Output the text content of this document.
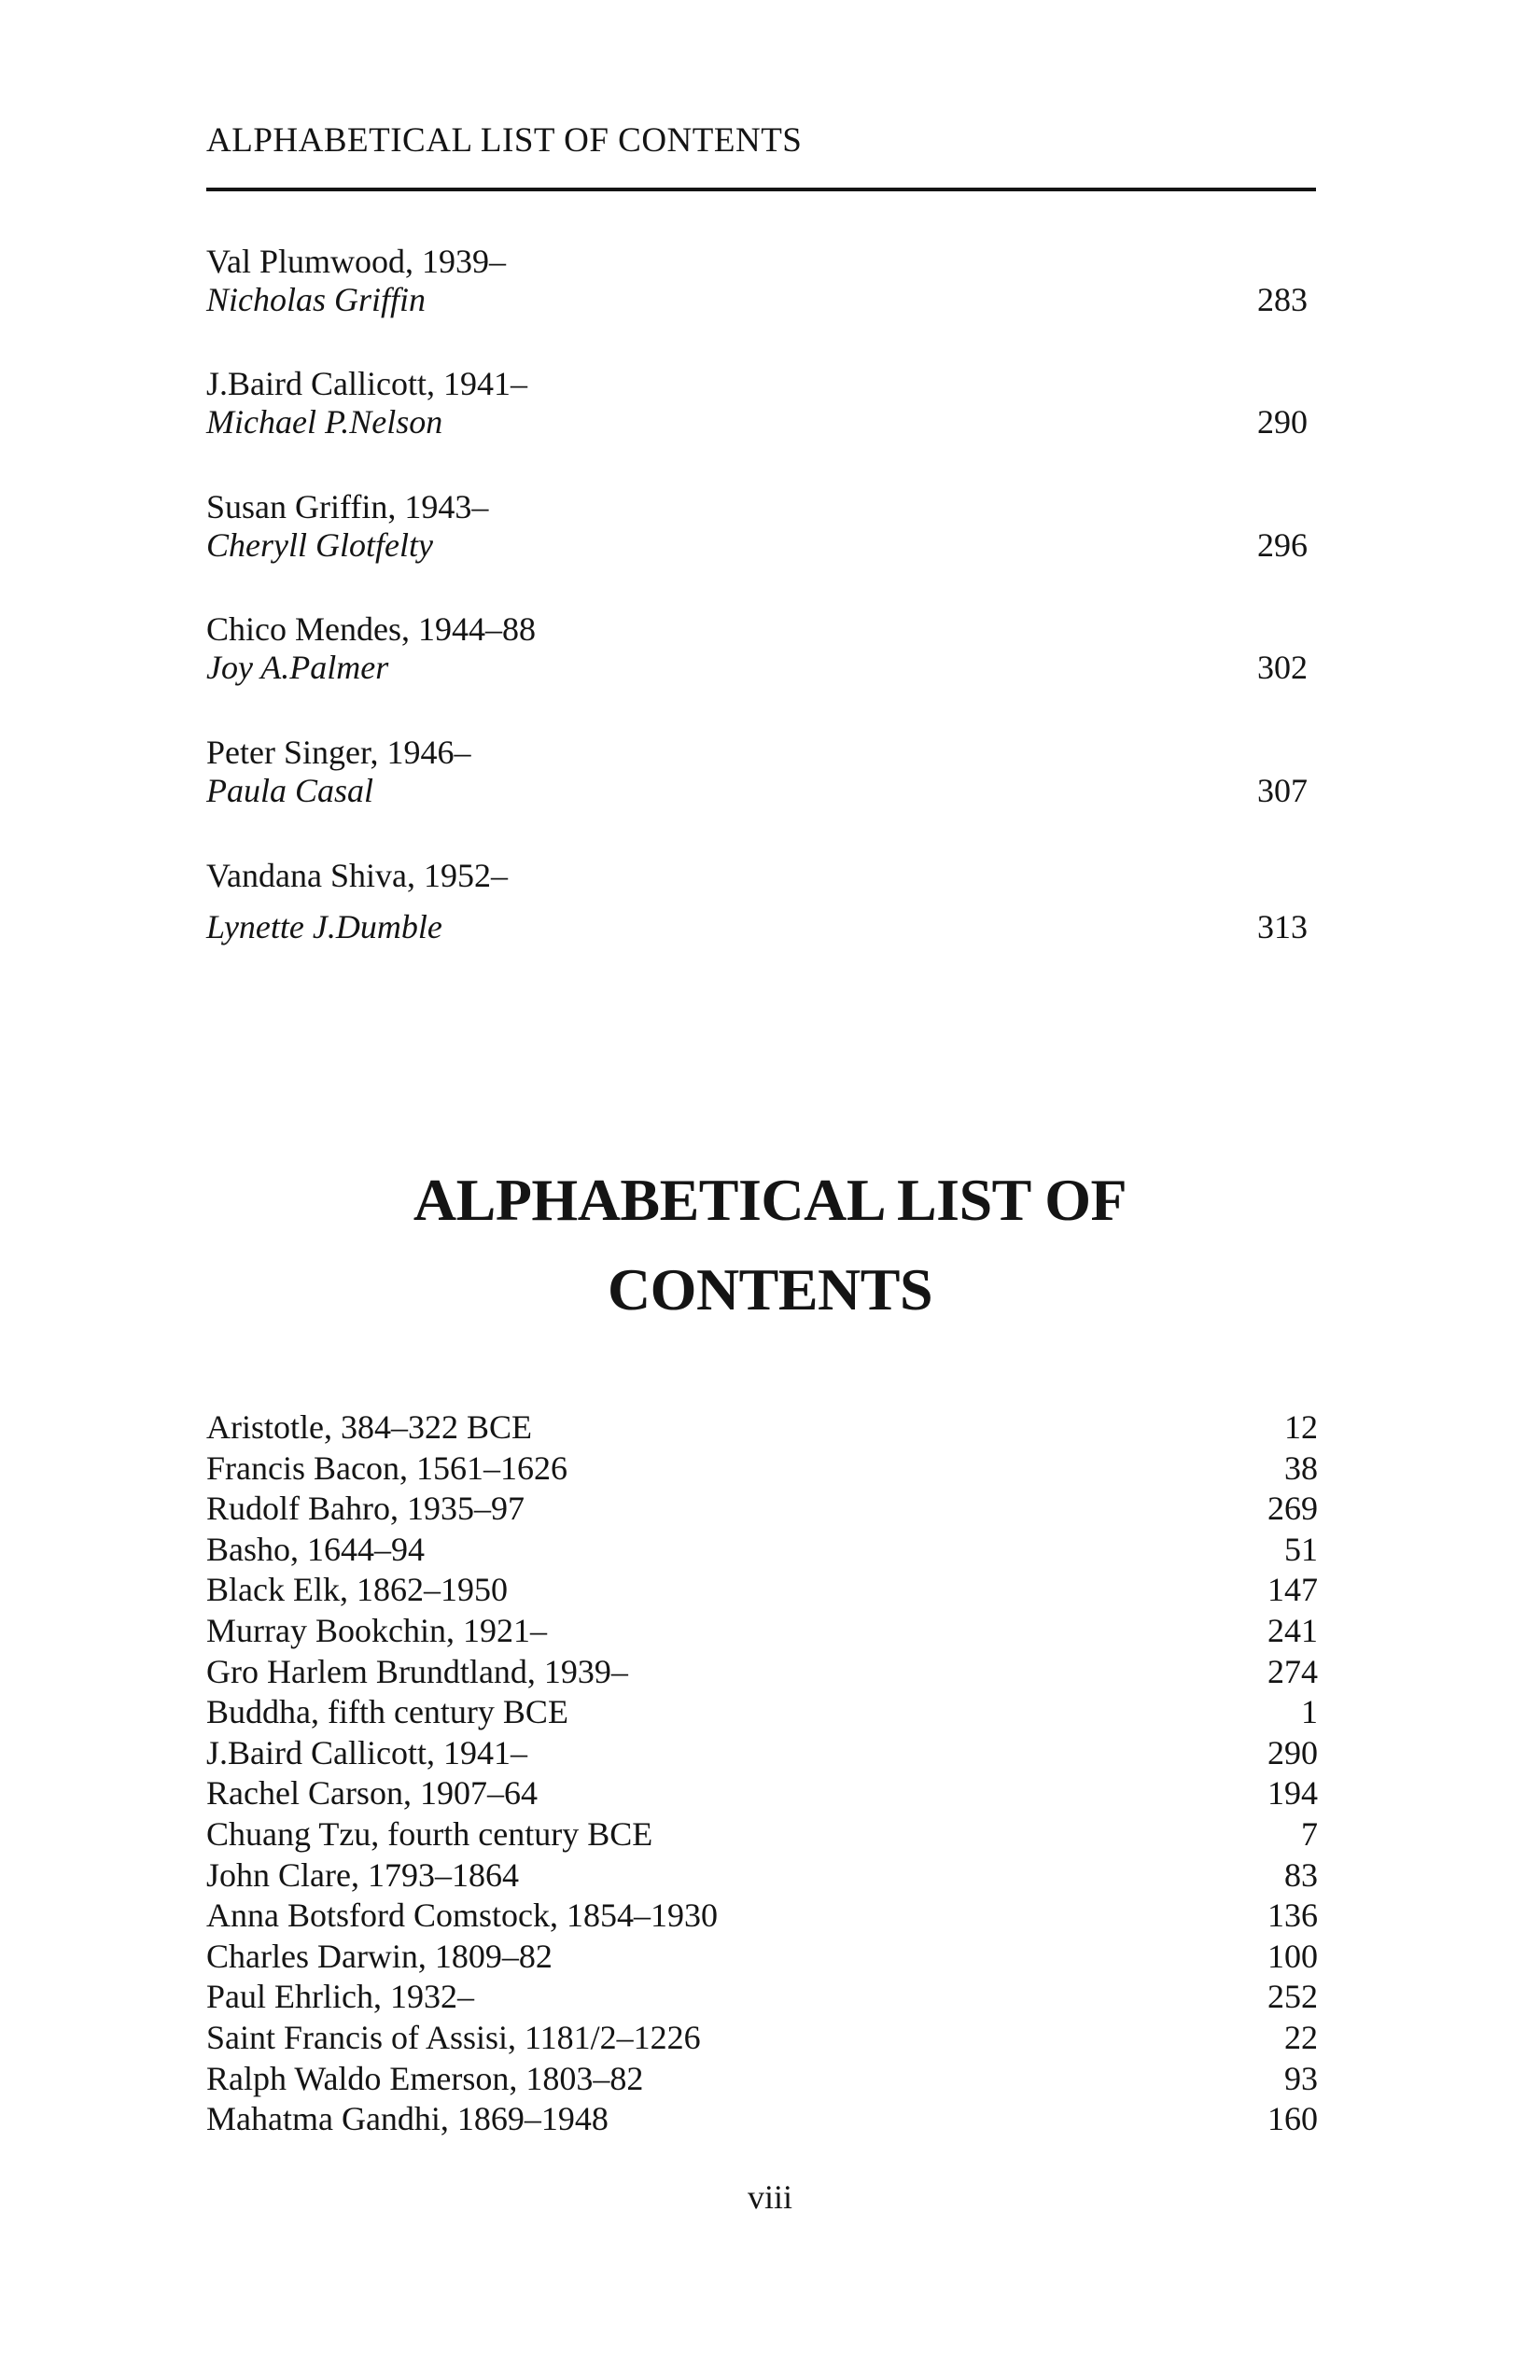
ALPHABETICAL LIST OF CONTENTS
Val Plumwood, 1939–
Nicholas Griffin	283
J.Baird Callicott, 1941–
Michael P.Nelson	290
Susan Griffin, 1943–
Cheryll Glotfelty	296
Chico Mendes, 1944–88
Joy A.Palmer	302
Peter Singer, 1946–
Paula Casal	307
Vandana Shiva, 1952–
Lynette J.Dumble	313
ALPHABETICAL LIST OF
CONTENTS
Aristotle, 384–322 BCE	12
Francis Bacon, 1561–1626	38
Rudolf Bahro, 1935–97	269
Basho, 1644–94	51
Black Elk, 1862–1950	147
Murray Bookchin, 1921–	241
Gro Harlem Brundtland, 1939–	274
Buddha, fifth century BCE	1
J.Baird Callicott, 1941–	290
Rachel Carson, 1907–64	194
Chuang Tzu, fourth century BCE	7
John Clare, 1793–1864	83
Anna Botsford Comstock, 1854–1930	136
Charles Darwin, 1809–82	100
Paul Ehrlich, 1932–	252
Saint Francis of Assisi, 1181/2–1226	22
Ralph Waldo Emerson, 1803–82	93
Mahatma Gandhi, 1869–1948	160
viii
